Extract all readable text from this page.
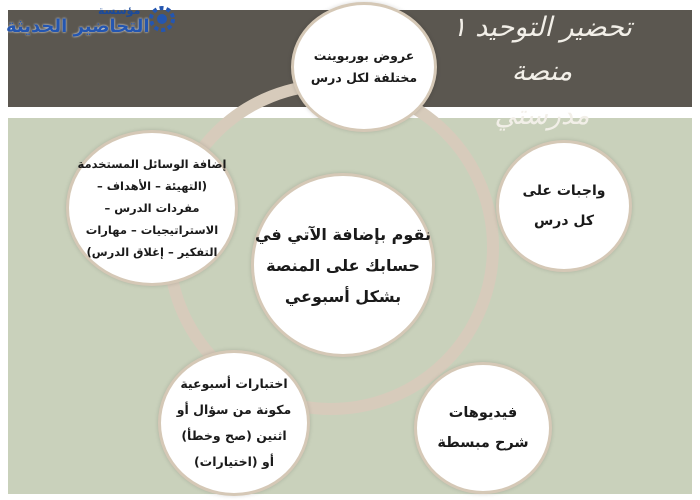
مؤسسة
التحاضير الحديثة	تحضير التوحيد ١ منصة
مدرستي
نقوم بإضافة الآتي في
حسابك على المنصة
بشكل أسبوعي
عروض بوربوينت
مختلفة لكل درس
واجبات على
كل درس
فيديوهات
شرح مبسطة
اختبارات أسبوعية
مكونة من سؤال أو
اثنين (صح وخطأ)
أو (اختيارات)
إضافة الوسائل المستخدمة
(التهيئة – الأهداف –
مفردات الدرس –
الاستراتيجيات – مهارات
التفكير – إغلاق الدرس)
